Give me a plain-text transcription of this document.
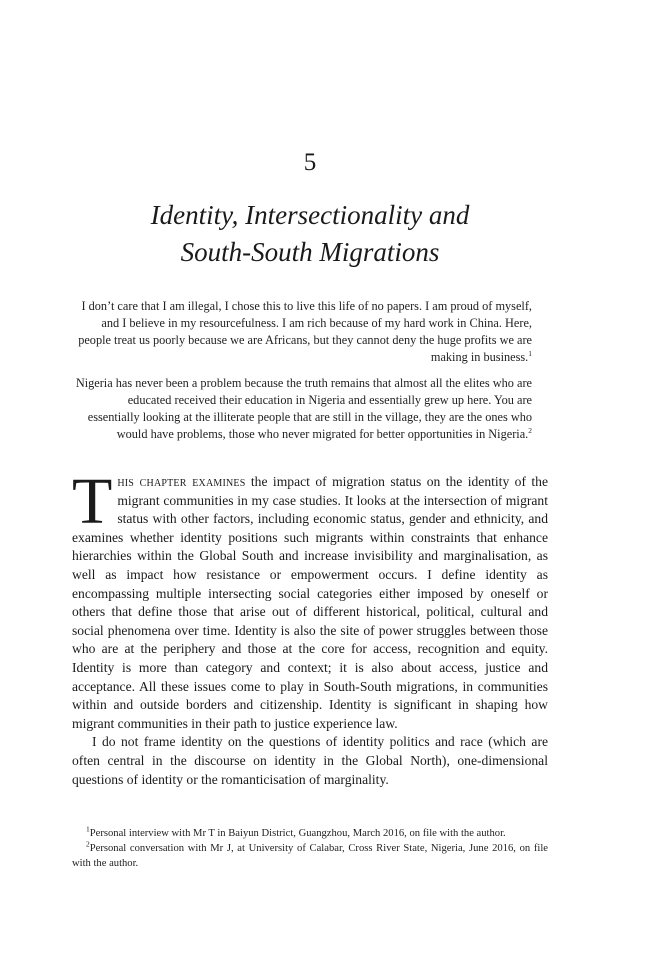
5
Identity, Intersectionality and
South-South Migrations
I don’t care that I am illegal, I chose this to live this life of no papers. I am proud of myself, and I believe in my resourcefulness. I am rich because of my hard work in China. Here, people treat us poorly because we are Africans, but they cannot deny the huge profits we are making in business.$^1$
Nigeria has never been a problem because the truth remains that almost all the elites who are educated received their education in Nigeria and essentially grew up here. You are essentially looking at the illiterate people that are still in the village, they are the ones who would have problems, those who never migrated for better opportunities in Nigeria.$^2$

This chapter examines the impact of migration status on the identity of the migrant communities in my case studies. It looks at the intersection of migrant status with other factors, including economic status, gender and ethnicity, and examines whether identity positions such migrants within constraints that enhance hierarchies within the Global South and increase invisibility and marginalisation, as well as impact how resistance or empowerment occurs. I define identity as encompassing multiple intersecting social categories either imposed by oneself or others that define those that arise out of different historical, political, cultural and social phenomena over time. Identity is also the site of power struggles between those who are at the periphery and those at the core for access, recognition and equity. Identity is more than category and context; it is also about access, justice and acceptance. All these issues come to play in South-South migrations, in communities within and outside borders and citizenship. Identity is significant in shaping how migrant communities in their path to justice experience law.

I do not frame identity on the questions of identity politics and race (which are often central in the discourse on identity in the Global North), one-dimensional questions of identity or the romanticisation of marginality.

$^1$Personal interview with Mr T in Baiyun District, Guangzhou, March 2016, on file with the author.

$^2$Personal conversation with Mr J, at University of Calabar, Cross River State, Nigeria, June 2016, on file with the author.
